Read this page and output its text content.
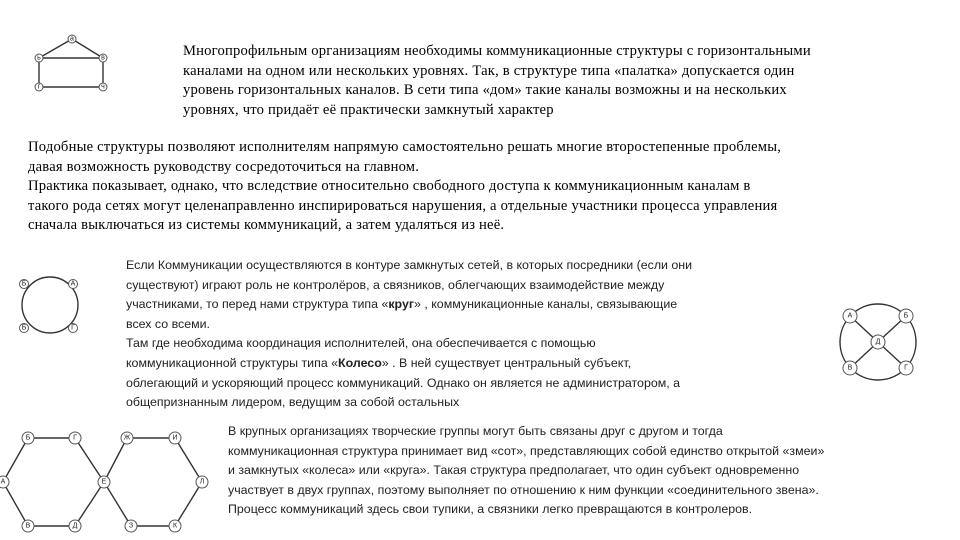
а
ь	в
г	ч
Многопрофильным организациям необходимы коммуникационные структуры с горизонтальными
каналами на одном или нескольких уровнях. Так, в структуре типа «палатка» допускается один
уровень горизонтальных каналов. В сети типа «дом» такие каналы возможны и на нескольких
уровнях, что придаёт её практически замкнутый характер
Подобные структуры позволяют исполнителям напрямую самостоятельно решать многие второстепенные проблемы,
давая возможность руководству сосредоточиться на главном.
Практика показывает, однако, что вследствие относительно свободного доступа к коммуникационным каналам в
такого рода сетях могут целенаправленно инспирироваться нарушения, а отдельные участники процесса управления
сначала выключаться из системы коммуникаций, а затем удаляться из неё.
Б	А
Г
Б
Если Коммуникации осуществляются в контуре замкнутых сетей, в которых посредники (если они
существуют) играют роль не контролёров, а связников, облегчающих взаимодействие между
участниками, то перед нами структура типа «круг» , коммуникационные каналы, связывающие
всех со всеми.
Там где необходима координация исполнителей, она обеспечивается с помощью
коммуникационной структуры типа «Колесо» . В ней существует центральный субъект,
облегающий и ускоряющий процесс коммуникаций. Однако он является не администратором, а
общепризнанным лидером, ведущим за собой остальных
А	Б
Д
В	Г
Б	Г
А	Е
В	Д
Ж	И
Л
З	К
В крупных организациях творческие группы могут быть связаны друг с другом и тогда
коммуникационная структура принимает вид «сот», представляющих собой единство открытой «змеи»
и замкнутых «колеса» или «круга». Такая структура предполагает, что один субъект одновременно
участвует в двух группах, поэтому выполняет по отношению к ним функции «соединительного звена».
Процесс коммуникаций здесь свои тупики, а связники легко превращаются в контролеров.
